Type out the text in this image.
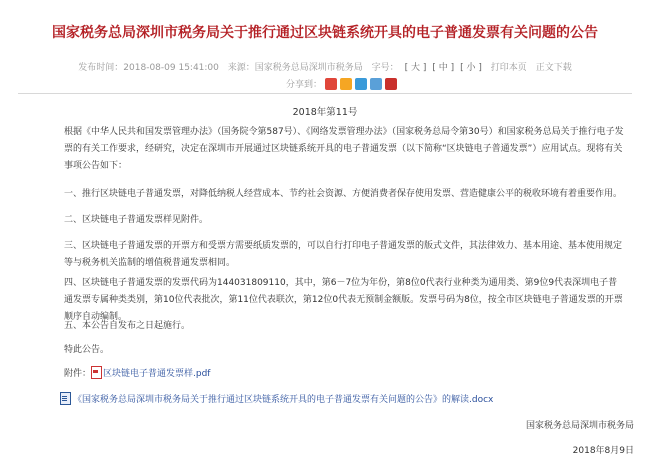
国家税务总局深圳市税务局关于推行通过区块链系统开具的电子普通发票有关问题的公告
发布时间：2018-08-09 15:41:00 来源：国家税务总局深圳市税务局 字号： [ 大 ] [ 中 ] [ 小 ] 打印本页 正文下载
分享到：
2018年第11号
根据《中华人民共和国发票管理办法》（国务院令第587号）、《网络发票管理办法》（国家税务总局令第30号）和国家税务总局关于推行电子发票的有关工作要求，经研究，决定在深圳市开展通过区块链系统开具的电子普通发票（以下简称“区块链电子普通发票”）应用试点。现将有关事项公告如下：
一、推行区块链电子普通发票，对降低纳税人经营成本、节约社会资源、方便消费者保存使用发票、营造健康公平的税收环境有着重要作用。
二、区块链电子普通发票样见附件。
三、区块链电子普通发票的开票方和受票方需要纸质发票的，可以自行打印电子普通发票的版式文件，其法律效力、基本用途、基本使用规定等与税务机关监制的增值税普通发票相同。
四、区块链电子普通发票的发票代码为144031809110，其中，第6－7位为年份，第8位0代表行业种类为通用类、第9位9代表深圳电子普通发票专属种类类别，第10位代表批次，第11位代表联次，第12位0代表无预制金额版。发票号码为8位，按全市区块链电子普通发票的开票顺序自动编制。
五、本公告自发布之日起施行。
特此公告。
附件： 区块链电子普通发票样.pdf
《国家税务总局深圳市税务局关于推行通过区块链系统开具的电子普通发票有关问题的公告》的解读.docx
国家税务总局深圳市税务局
2018年8月9日
